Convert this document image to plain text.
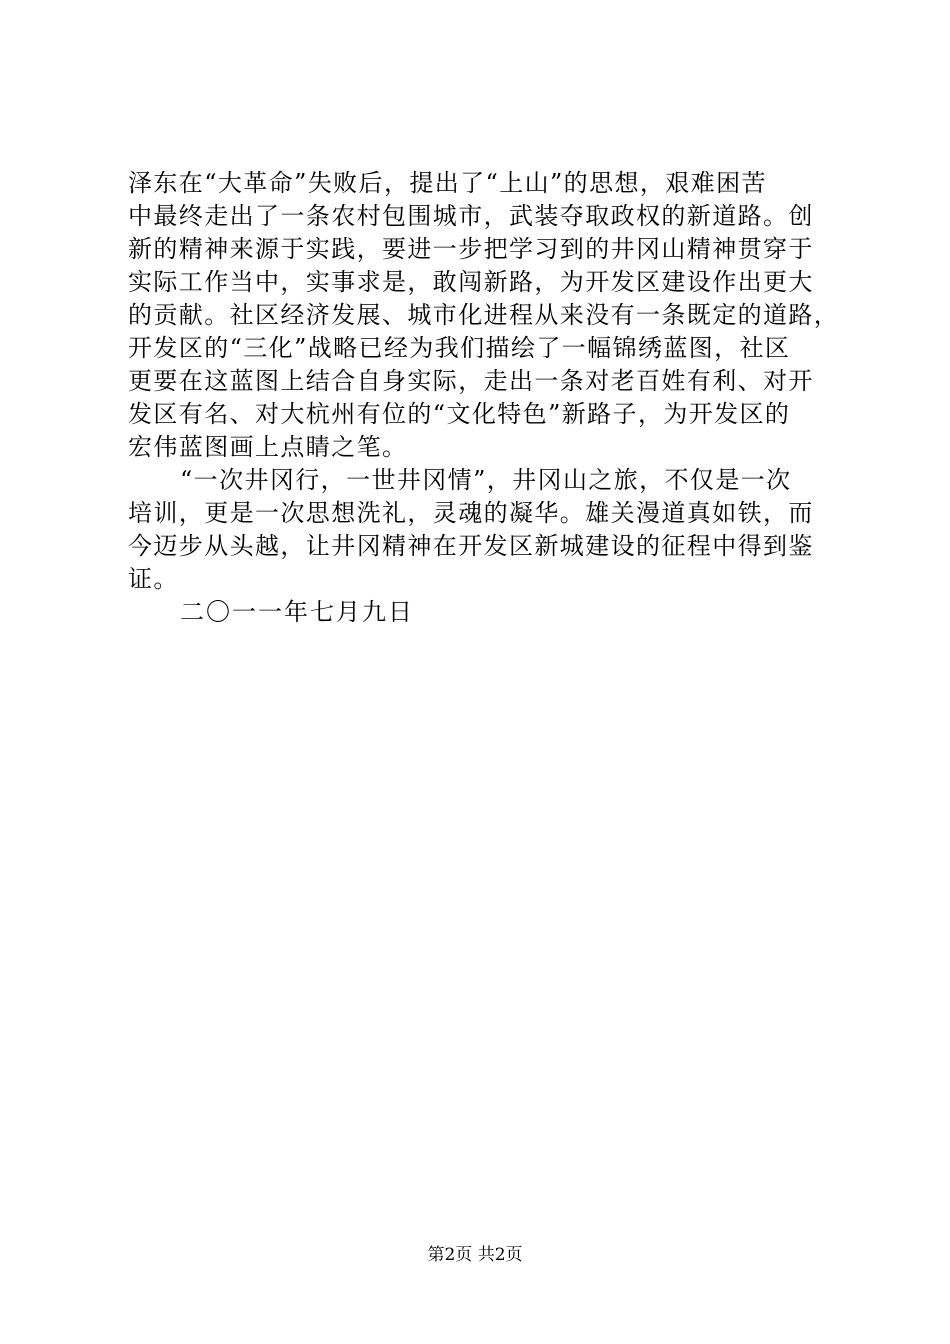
泽东在“大革命”失败后，提出了“上山”的思想，艰难困苦
中最终走出了一条农村包围城市，武装夺取政权的新道路。创
新的精神来源于实践，要进一步把学习到的井冈山精神贯穿于
实际工作当中，实事求是，敢闯新路，为开发区建设作出更大
的贡献。社区经济发展、城市化进程从来没有一条既定的道路，
开发区的“三化”战略已经为我们描绘了一幅锦绣蓝图，社区
更要在这蓝图上结合自身实际，走出一条对老百姓有利、对开
发区有名、对大杭州有位的“文化特色”新路子，为开发区的
宏伟蓝图画上点睛之笔。
“一次井冈行，一世井冈情”，井冈山之旅，不仅是一次
培训，更是一次思想洗礼，灵魂的凝华。雄关漫道真如铁，而
今迈步从头越，让井冈精神在开发区新城建设的征程中得到鉴
证。
二〇一一年七月九日
第2页 共2页
